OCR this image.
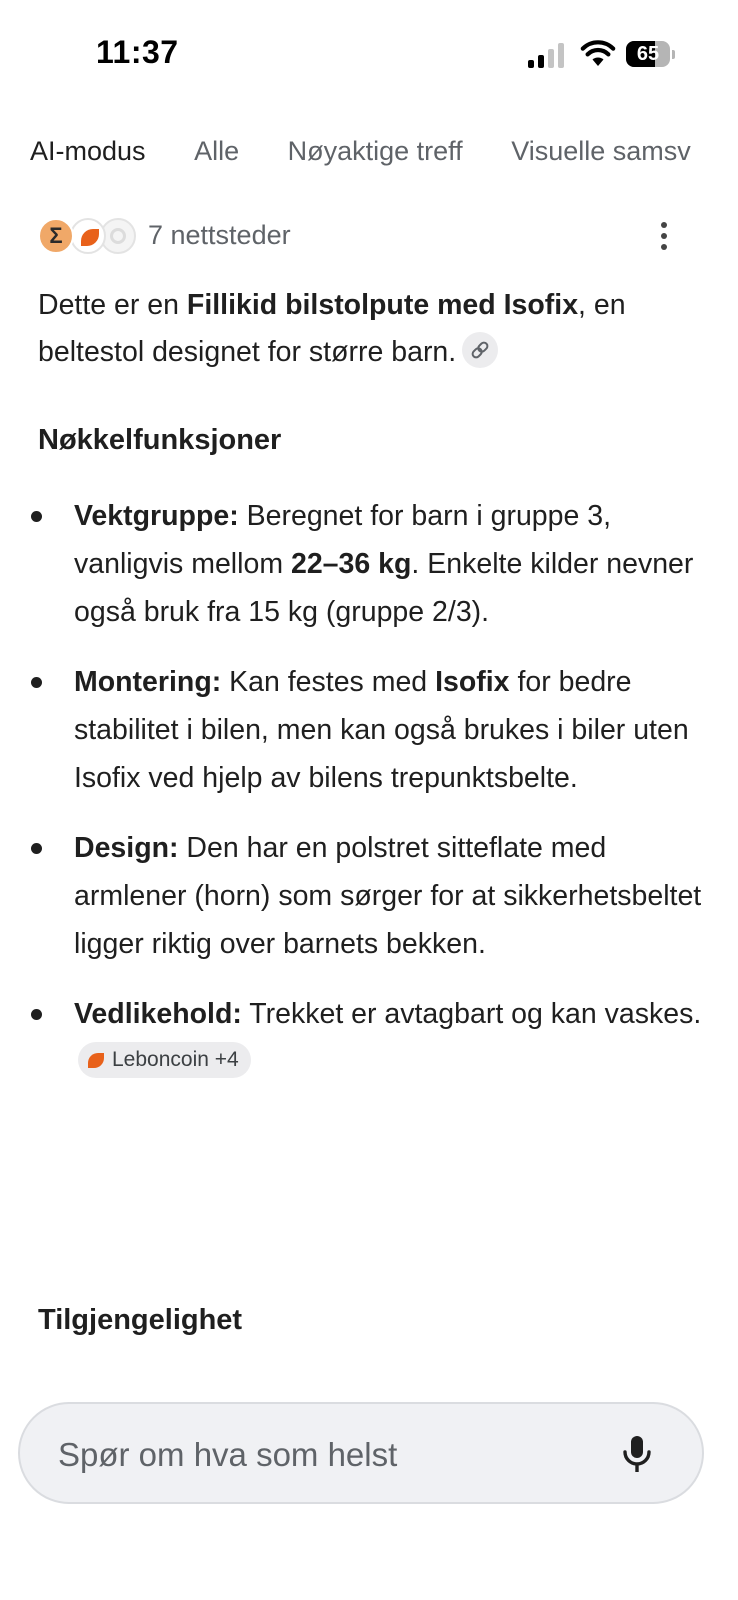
11:37	65
AI-modus Alle Nøyaktige treff Visuelle samsv
Σ	7 nettsteder
Dette er en Fillikid bilstolpute med Isofix, en beltestol designet for større barn.
Nøkkelfunksjoner
Vektgruppe: Beregnet for barn i gruppe 3, vanligvis mellom 22–36 kg. Enkelte kilder nevner også bruk fra 15 kg (gruppe 2/3).
Montering: Kan festes med Isofix for bedre stabilitet i bilen, men kan også brukes i biler uten Isofix ved hjelp av bilens trepunktsbelte.
Design: Den har en polstret sitteflate med armlener (horn) som sørger for at sikkerhetsbeltet ligger riktig over barnets bekken.
Vedlikehold: Trekket er avtagbart og kan vaskes.
Leboncoin +4
Tilgjengelighet
Spør om hva som helst
